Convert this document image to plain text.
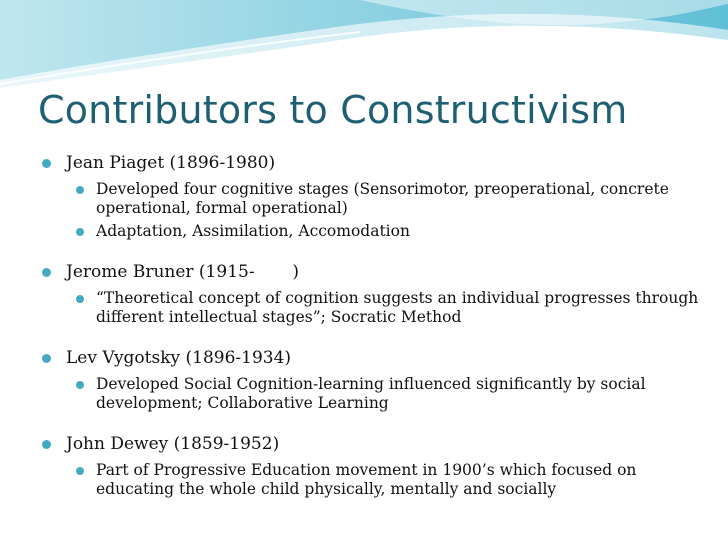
Contributors to Constructivism
Jean Piaget (1896-1980)
Developed four cognitive stages (Sensorimotor, preoperational, concrete operational, formal operational)
Adaptation, Assimilation, Accomodation
Jerome Bruner (1915-       )
“Theoretical concept of cognition suggests an individual progresses through different intellectual stages”; Socratic Method
Lev Vygotsky (1896-1934)
Developed Social Cognition-learning influenced significantly by social development; Collaborative Learning
John Dewey (1859-1952)
Part of Progressive Education movement in 1900’s which focused on educating the whole child physically, mentally and socially
